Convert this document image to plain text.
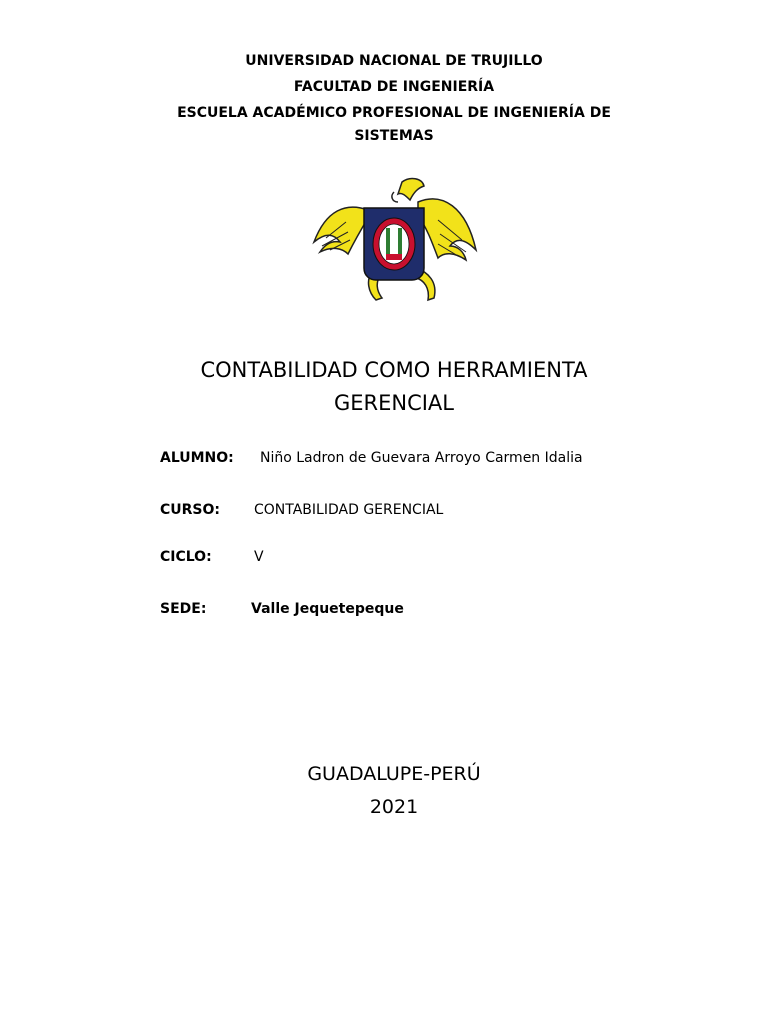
UNIVERSIDAD NACIONAL DE TRUJILLO
FACULTAD DE INGENIERÍA
ESCUELA ACADÉMICO PROFESIONAL DE INGENIERÍA DE
SISTEMAS
CONTABILIDAD COMO HERRAMIENTA
GERENCIAL
ALUMNO: Niño Ladron de Guevara Arroyo Carmen Idalia
CURSO: CONTABILIDAD GERENCIAL
CICLO:	V
SEDE:	Valle Jequetepeque
GUADALUPE-PERÚ
2021
